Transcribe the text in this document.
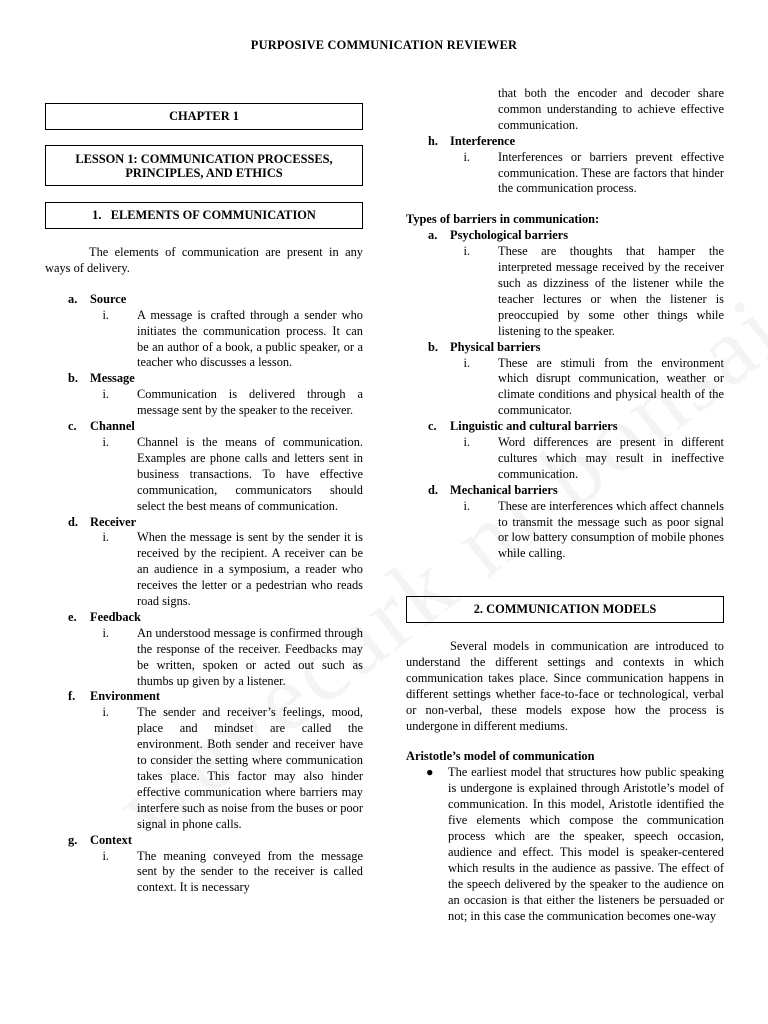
PURPOSIVE COMMUNICATION REVIEWER
CHAPTER 1
LESSON 1: COMMUNICATION PROCESSES, PRINCIPLES, AND ETHICS
1.   ELEMENTS OF COMMUNICATION

The elements of communication are present in any ways of delivery.

a.	Source
i.	A message is crafted through a sender who initiates the communication process. It can be an author of a book, a public speaker, or a teacher who discusses a lesson.
b. Message
i.	Communication is delivered through a message sent by the speaker to the receiver.
c.	Channel
i.	Channel is the means of communication. Examples are phone calls and letters sent in business transactions. To have effective communication, communicators should select the best means of communication.
d. Receiver
i.	When the message is sent by the sender it is received by the recipient. A receiver can be an audience in a symposium, a reader who receives the letter or a pedestrian who reads road signs.
e.	Feedback
i.	An understood message is confirmed through the response of the receiver. Feedbacks may be written, spoken or acted out such as thumbs up given by a listener.
f.	Environment
i.	The sender and receiver’s feelings, mood, place and mindset are called the environment. Both sender and receiver have to consider the setting where communication takes place. This factor may also hinder effective communication where barriers may interfere such as noise from the buses or poor signal in phone calls.
g.	Context
i.	The meaning conveyed from the message sent by the sender to the receiver is called context. It is necessary
that both the encoder and decoder share common understanding to achieve effective communication.
h. Interference
i.	Interferences or barriers prevent effective communication. These are factors that hinder the communication process.

Types of barriers in communication:

a.	Psychological barriers
i.	These are thoughts that hamper the interpreted message received by the receiver such as dizziness of the listener while the teacher lectures or when the listener is preoccupied by some other things while listening to the speaker.
b. Physical barriers
i.	These are stimuli from the environment which disrupt communication, weather or climate conditions and physical health of the communicator.
c.	Linguistic and cultural barriers
i.	Word differences are present in different cultures which may result in ineffective communication.
d. Mechanical barriers
i.	These are interferences which affect channels to transmit the message such as poor signal or low battery consumption of mobile phones while calling.
2. COMMUNICATION MODELS

Several models in communication are introduced to understand the different settings and contexts in which communication takes place. Since communication happens in different settings whether face-to-face or technological, verbal or non-verbal, these models expose how the process is undergone in different mediums.

Aristotle’s model of communication

●	The earliest model that structures how public speaking is undergone is explained through Aristotle’s model of communication. In this model, Aristotle identified the five elements which compose the communication process which are the speaker, speech occasion, audience and effect. This model is speaker-centered which results in the audience as passive. The effect of the speech delivered by the speaker to the audience on an occasion is that either the listeners be persuaded or not; in this case the communication becomes one-way
